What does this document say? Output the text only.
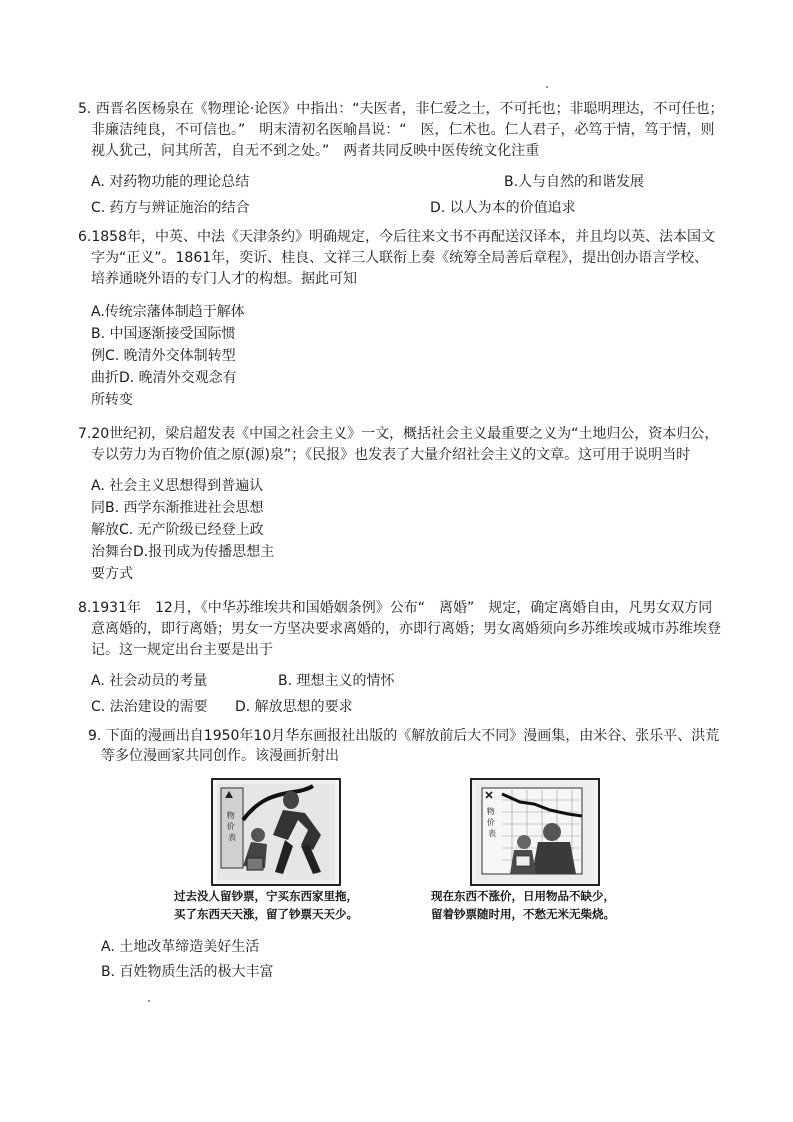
5. 西晋名医杨泉在《物理论·论医》中指出：“夫医者，非仁爱之士，不可托也；非聪明理达，不可任也；
非廉洁纯良，不可信也。”　明末清初名医喻昌说：“　医，仁术也。仁人君子，必笃于情，笃于情，则
视人犹己，问其所苦，自无不到之处。”　两者共同反映中医传统文化注重
A. 对药物功能的理论总结	B.人与自然的和谐发展
C. 药方与辨证施治的结合	D. 以人为本的价值追求
6.1858年，中英、中法《天津条约》明确规定，今后往来文书不再配送汉译本，并且均以英、法本国文
字为“正义”。1861年，奕䜣、桂良、文祥三人联衔上奏《统筹全局善后章程》，提出创办语言学校、
培养通晓外语的专门人才的构想。据此可知
A.传统宗藩体制趋于解体
B. 中国逐渐接受国际惯
例C. 晚清外交体制转型
曲折D. 晚清外交观念有
所转变
7.20世纪初，梁启超发表《中国之社会主义》一文，概括社会主义最重要之义为“土地归公，资本归公，
专以劳力为百物价值之原(源)泉”；《民报》也发表了大量介绍社会主义的文章。这可用于说明当时
A. 社会主义思想得到普遍认
同B. 西学东渐推进社会思想
解放C. 无产阶级已经登上政
治舞台D.报刊成为传播思想主
要方式
8.1931年　12月，《中华苏维埃共和国婚姻条例》公布“　离婚”　规定，确定离婚自由，凡男女双方同
意离婚的，即行离婚；男女一方坚决要求离婚的，亦即行离婚；男女离婚须向乡苏维埃或城市苏维埃登
记。这一规定出台主要是出于
A. 社会动员的考量	B. 理想主义的情怀
C. 法治建设的需要 D. 解放思想的要求
9. 下面的漫画出自1950年10月华东画报社出版的《解放前后大不同》漫画集，由米谷、张乐平、洪荒
等多位漫画家共同创作。该漫画折射出
物 价 表
过去没人留钞票，宁买东西家里拖，
买了东西天天涨，留了钞票天天少。
物 价 表
现在东西不涨价，日用物品不缺少，
留着钞票随时用，不愁无米无柴烧。
A. 土地改革缔造美好生活
B. 百姓物质生活的极大丰富
